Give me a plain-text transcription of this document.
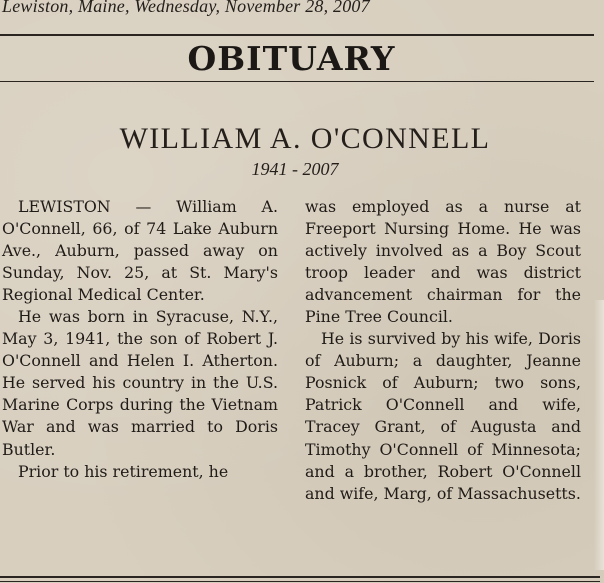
Lewiston, Maine, Wednesday, November 28, 2007
OBITUARY
WILLIAM A. O'CONNELL
1941 - 2007

LEWISTON — William A. O'Connell, 66, of 74 Lake Auburn Ave., Auburn, passed away on Sunday, Nov. 25, at St. Mary's Regional Medical Center.

He was born in Syracuse, N.Y., May 3, 1941, the son of Robert J. O'Connell and Helen I. Atherton. He served his country in the U.S. Marine Corps during the Vietnam War and was married to Doris Butler.

Prior to his retirement, he

was employed as a nurse at Freeport Nursing Home. He was actively involved as a Boy Scout troop leader and was district advancement chairman for the Pine Tree Council.

He is survived by his wife, Doris of Auburn; a daughter, Jeanne Posnick of Auburn; two sons, Patrick O'Connell and wife, Tracey Grant, of Augusta and Timothy O'Connell of Minnesota; and a brother, Robert O'Connell and wife, Marg, of Massachusetts.
